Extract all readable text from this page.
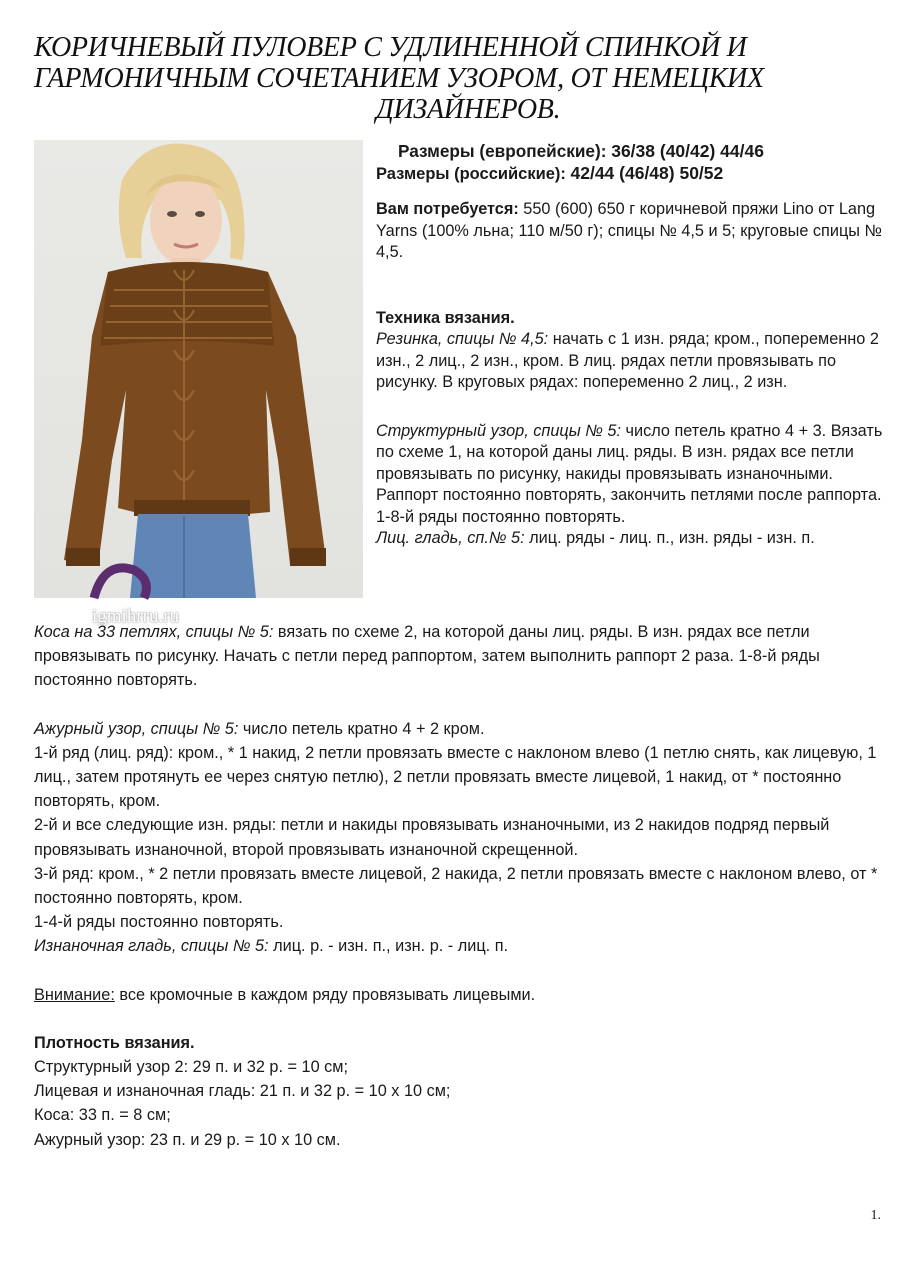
КОРИЧНЕВЫЙ ПУЛОВЕР С УДЛИНЕННОЙ СПИНКОЙ И
ГАРМОНИЧНЫМ СОЧЕТАНИЕМ УЗОРОМ, ОТ НЕМЕЦКИХ

ДИЗАЙНЕРОВ.
igmihrru.ru
Размеры (европейские): 36/38 (40/42) 44/46
Размеры (российские): 42/44 (46/48) 50/52

Вам потребуется: 550 (600) 650 г коричневой пряжи Lino от Lang Yarns (100% льна; 110 м/50 г); спицы № 4,5 и 5; круговые спицы № 4,5.

Техника вязания.

Резинка, спицы № 4,5: начать с 1 изн. ряда; кром., попеременно 2 изн., 2 лиц., 2 изн., кром. В лиц. рядах петли провязывать по рисунку. В круговых рядах: попеременно 2 лиц., 2 изн.

Структурный узор, спицы № 5: число петель кратно 4 + 3. Вязать по схеме 1, на которой даны лиц. ряды. В изн. рядах все петли провязывать по рисунку, накиды провязывать изнаночными. Раппорт постоянно повторять, закончить петлями после раппорта. 1-8-й ряды постоянно повторять.

Лиц. гладь, сп.№ 5: лиц. ряды - лиц. п., изн. ряды - изн. п.

Коса на 33 петлях, спицы № 5: вязать по схеме 2, на которой даны лиц. ряды. В изн. рядах все петли провязывать по рисунку. Начать с петли перед раппортом, затем выполнить раппорт 2 раза. 1-8-й ряды постоянно повторять.

Ажурный узор, спицы № 5: число петель кратно 4 + 2 кром.

1-й ряд (лиц. ряд): кром., * 1 накид, 2 петли провязать вместе с наклоном влево (1 петлю снять, как лицевую, 1 лиц., затем протянуть ее через снятую петлю), 2 петли провязать вместе лицевой, 1 накид, от * постоянно повторять, кром.

2-й и все следующие изн. ряды: петли и накиды провязывать изнаночными, из 2 накидов подряд первый провязывать изнаночной, второй провязывать изнаночной скрещенной.

3-й ряд: кром., * 2 петли провязать вместе лицевой, 2 накида, 2 петли провязать вместе с наклоном влево, от * постоянно повторять, кром.

1-4-й ряды постоянно повторять.

Изнаночная гладь, спицы № 5: лиц. р. - изн. п., изн. р. - лиц. п.

Внимание: все кромочные в каждом ряду провязывать лицевыми.

Плотность вязания.

Структурный узор 2: 29 п. и 32 р. = 10 см;

Лицевая и изнаночная гладь: 21 п. и 32 р. = 10 х 10 см;

Коса: 33 п. = 8 см;

Ажурный узор: 23 п. и 29 р. = 10 х 10 см.

1.
